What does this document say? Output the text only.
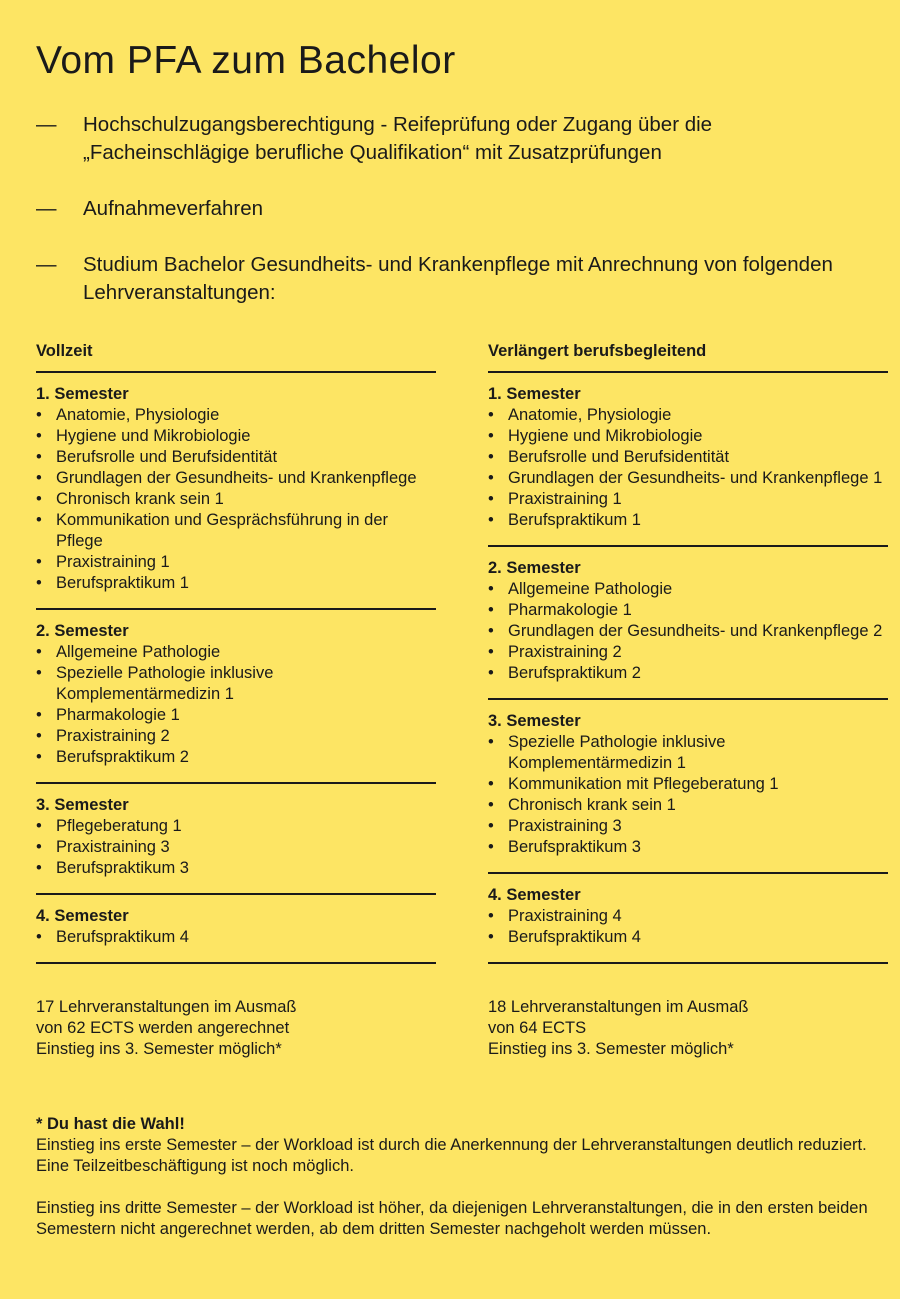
Vom PFA zum Bachelor
—	Hochschulzugangsberechtigung - Reifeprüfung oder Zugang über die „Facheinschlägige berufliche Qualifikation“ mit Zusatzprüfungen
—	Aufnahmeverfahren
—	Studium Bachelor Gesundheits- und Krankenpflege mit Anrechnung von folgenden Lehrveranstaltungen:
Vollzeit
1. Semester
• Anatomie, Physiologie
• Hygiene und Mikrobiologie
• Berufsrolle und Berufsidentität
• Grundlagen der Gesundheits- und Krankenpflege
• Chronisch krank sein 1
• Kommunikation und Gesprächsführung in der Pflege
• Praxistraining 1
• Berufspraktikum 1
2. Semester
• Allgemeine Pathologie
• Spezielle Pathologie inklusive Komplementärmedizin 1
• Pharmakologie 1
• Praxistraining 2
• Berufspraktikum 2
3. Semester
• Pflegeberatung 1
• Praxistraining 3
• Berufspraktikum 3
4. Semester
• Berufspraktikum 4
17 Lehrveranstaltungen im Ausmaß
von 62 ECTS werden angerechnet
Einstieg ins 3. Semester möglich*
Verlängert berufsbegleitend
1. Semester
• Anatomie, Physiologie
• Hygiene und Mikrobiologie
• Berufsrolle und Berufsidentität
• Grundlagen der Gesundheits- und Krankenpflege 1
• Praxistraining 1
• Berufspraktikum 1
2. Semester
• Allgemeine Pathologie
• Pharmakologie 1
• Grundlagen der Gesundheits- und Krankenpflege 2
• Praxistraining 2
• Berufspraktikum 2
3. Semester
• Spezielle Pathologie inklusive Komplementärmedizin 1
• Kommunikation mit Pflegeberatung 1
• Chronisch krank sein 1
• Praxistraining 3
• Berufspraktikum 3
4. Semester
• Praxistraining 4
• Berufspraktikum 4
18 Lehrveranstaltungen im Ausmaß
von 64 ECTS
Einstieg ins 3. Semester möglich*
* Du hast die Wahl!
Einstieg ins erste Semester – der Workload ist durch die Anerkennung der Lehrveranstaltungen deutlich reduziert. Eine Teilzeitbeschäftigung ist noch möglich.
Einstieg ins dritte Semester – der Workload ist höher, da diejenigen Lehrveranstaltungen, die in den ersten beiden Semestern nicht angerechnet werden, ab dem dritten Semester nachgeholt werden müssen.
